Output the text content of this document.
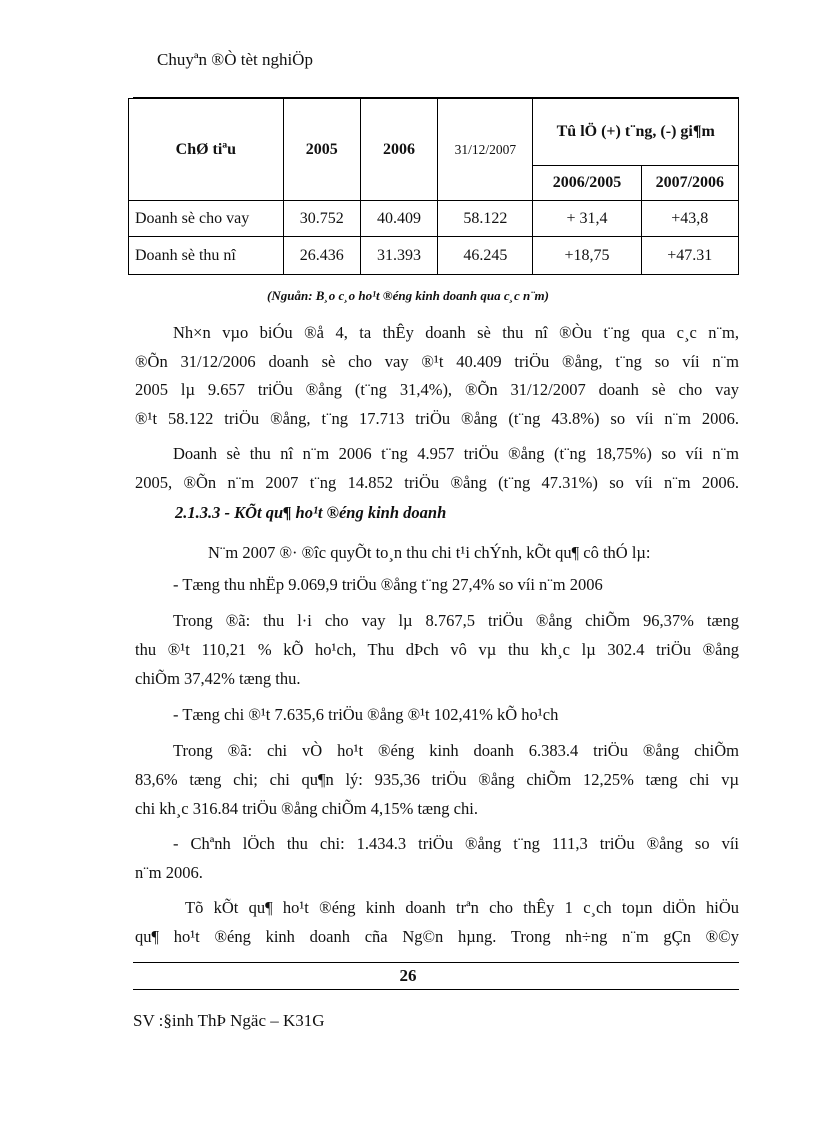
Chuyªn ®Ò tèt nghiÖp
ChØ tiªu	2005	2006	31/12/2007	Tû lÖ (+) t¨ng, (-) gi¶m	
				2006/2005	2007/2006
Doanh sè cho vay	30.752	40.409	58.122	+ 31,4	+43,8
Doanh sè thu nî	26.436	31.393	46.245	+18,75	+47.31
(Nguån: B¸o c¸o ho¹t ®éng kinh doanh qua c¸c n¨m)
Nh×n vµo biÓu ®å 4, ta thÊy doanh sè thu nî ®Òu t¨ng qua c¸c n¨m,
®Õn 31/12/2006 doanh sè cho vay ®¹t 40.409 triÖu ®ång, t¨ng so víi n¨m
2005 lµ 9.657 triÖu ®ång (t¨ng 31,4%), ®Õn 31/12/2007 doanh sè cho vay
®¹t 58.122 triÖu ®ång, t¨ng 17.713 triÖu ®ång (t¨ng 43.8%) so víi n¨m 2006.
Doanh sè thu nî n¨m 2006 t¨ng 4.957 triÖu ®ång (t¨ng 18,75%) so víi n¨m
2005, ®Õn n¨m 2007 t¨ng 14.852 triÖu ®ång (t¨ng 47.31%) so víi n¨m 2006.
2.1.3.3 - KÕt qu¶ ho¹t ®éng kinh doanh
N¨m 2007 ®· ®îc quyÕt to¸n thu chi t¹i chÝnh, kÕt qu¶ cô thÓ lµ:
- Tæng thu nhËp 9.069,9 triÖu ®ång t¨ng 27,4% so víi n¨m 2006
Trong ®ã: thu l·i cho vay lµ 8.767,5 triÖu ®ång chiÕm 96,37% tæng
thu ®¹t 110,21 % kÕ ho¹ch, Thu dÞch vô vµ thu kh¸c lµ 302.4 triÖu ®ång
chiÕm 37,42% tæng thu.
- Tæng chi ®¹t 7.635,6 triÖu ®ång ®¹t 102,41% kÕ ho¹ch
Trong ®ã: chi vÒ ho¹t ®éng kinh doanh 6.383.4 triÖu ®ång chiÕm
83,6% tæng chi; chi qu¶n lý: 935,36 triÖu ®ång chiÕm 12,25% tæng chi vµ
chi kh¸c 316.84 triÖu ®ång chiÕm 4,15% tæng chi.
- Chªnh lÖch thu chi: 1.434.3 triÖu ®ång t¨ng 111,3 triÖu ®ång so víi
n¨m 2006.
Tõ kÕt qu¶ ho¹t ®éng kinh doanh trªn cho thÊy 1 c¸ch toµn diÖn hiÖu
qu¶ ho¹t ®éng kinh doanh cña Ng©n hµng. Trong nh÷ng n¨m gÇn ®©y
26
SV :§inh ThÞ Ngäc – K31G
